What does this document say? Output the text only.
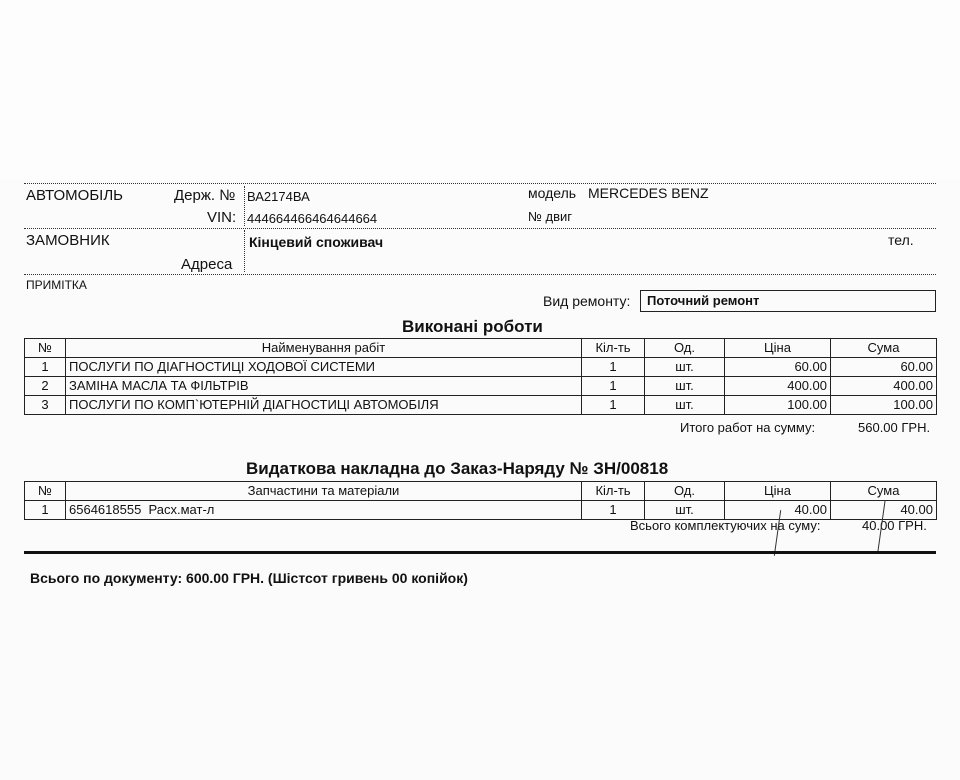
АВТОМОБІЛЬ	Держ. № ВА2174ВА
VIN: 444664466464644664
модель MERCEDES BENZ
№ двиг
ЗАМОВНИК	Кінцевий споживач	тел.
Адреса
ПРИМІТКА
Вид ремонту:	Поточний ремонт
Виконані роботи
№	Найменування рабіт	Кіл-ть	Од.	Ціна	Сума
1	ПОСЛУГИ ПО ДІАГНОСТИЦІ ХОДОВОЇ СИСТЕМИ	1	шт.	60.00	60.00
2	ЗАМІНА МАСЛА ТА ФІЛЬТРІВ	1	шт.	400.00	400.00
3	ПОСЛУГИ ПО КОМП`ЮТЕРНІЙ ДІАГНОСТИЦІ АВТОМОБІЛЯ	1	шт.	100.00	100.00
Итого работ на сумму:	560.00 ГРН.
Видаткова накладна до Заказ-Наряду № ЗН/00818
№	Запчастини та матеріали	Кіл-ть	Од.	Ціна	Сума
1	6564618555  Расх.мат-л	1	шт.	40.00	40.00
Всього комплектуючих на суму:	40.00 ГРН.
Всього по документу: 600.00 ГРН. (Шістсот гривень 00 копійок)
